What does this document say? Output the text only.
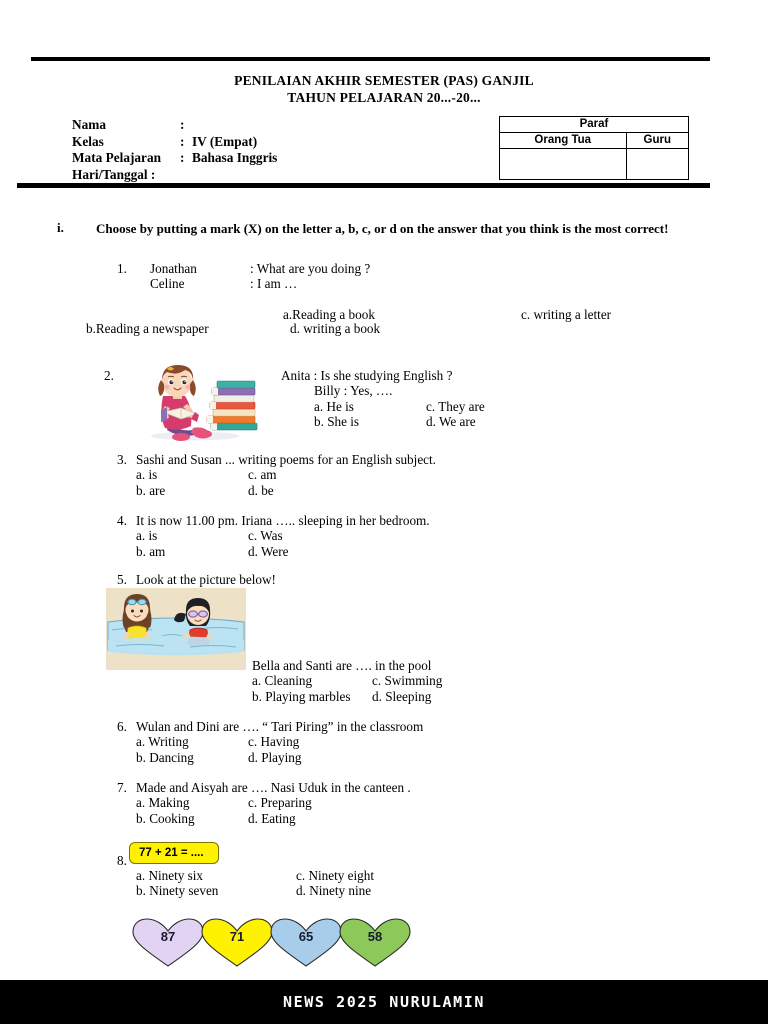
PENILAIAN AKHIR SEMESTER (PAS) GANJIL
TAHUN PELAJARAN 20...-20...
Nama	:
Kelas	: IV (Empat)
Mata Pelajaran	: Bahasa Inggris
Hari/Tanggal :
Paraf	
Orang Tua	Guru

i. Choose by putting a mark (X) on the letter a, b, c, or d on the answer that you think is the most correct!
1. Jonathan	: What are you doing ?
Celine	: I am …
a.Reading a book	c. writing a letter
b.Reading a newspaper	d. writing a book
2.	Anita : Is she studying English ?
Billy : Yes, ….
a. He is	c. They are
b. She is	d. We are
3. Sashi and Susan ... writing poems for an English subject.
a. is	c. am
b. are	d. be
4. It is now 11.00 pm. Iriana ….. sleeping in her bedroom.
a. is	c. Was
b. am	d. Were
5. Look at the picture below!
Bella and Santi are …. in the pool
a. Cleaning	c. Swimming
b. Playing marbles	d. Sleeping
6. Wulan and Dini are …. “ Tari Piring” in the classroom
a. Writing	c. Having
b. Dancing	d. Playing
7. Made and Aisyah are …. Nasi Uduk in the canteen .
a. Making	c. Preparing
b. Cooking	d. Eating
8.	77 + 21 = ....
a. Ninety six	c. Ninety eight
b. Ninety seven	d. Ninety nine
87	71	65	58
NEWS 2025 NURULAMIN
